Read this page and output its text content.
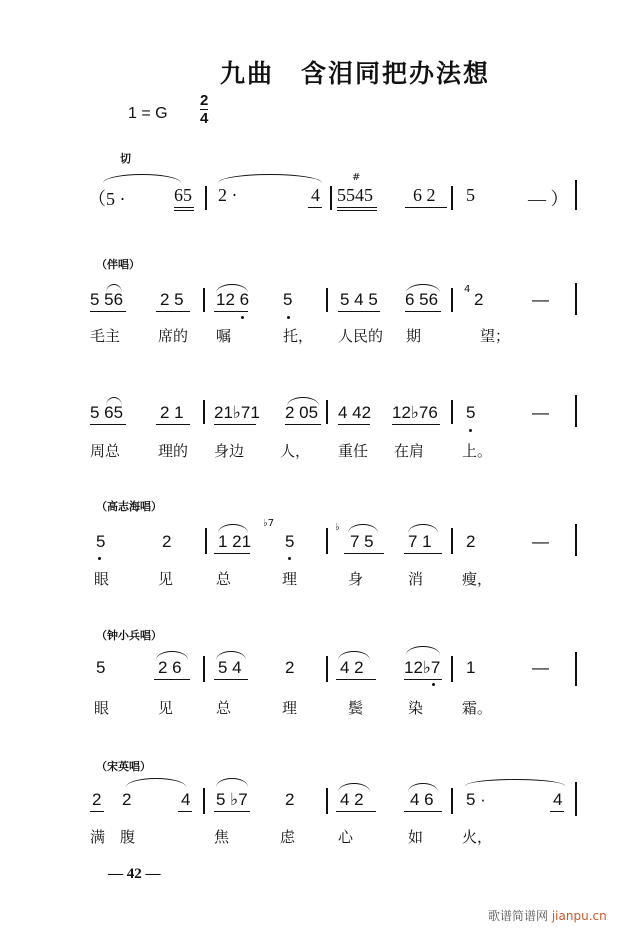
九曲　含泪同把办法想
1 = G
2
4
切
（5 ·	65 2 ·	4
#
5545 6 2 5	— ）
（伴唱）
5 56 2 5 12 6 5	5 4 5 6 56
4
2	—
毛主	席的 嘱	托， 人民的 期	望；
5 65 2 1 21♭71 2 05 4 42 12♭76 5	—
周总	理的 身边 人， 重任 在肩	上。
（高志海唱）
5	2	1 21
♭7
5
♭
7 5 7 1 2	—
眼	见	总	理	身	消	瘦，
（钟小兵唱）
5	2 6 5 4	2	4 2 12♭7 1	—
眼	见	总	理	鬓	染	霜。
（宋英唱）
2 2	4 5 ♭7 2	4 2	4 6 5 ·	4
满 腹	焦	虑	心	如	火，
— 42 —
歌谱简谱网 jianpu.cn
